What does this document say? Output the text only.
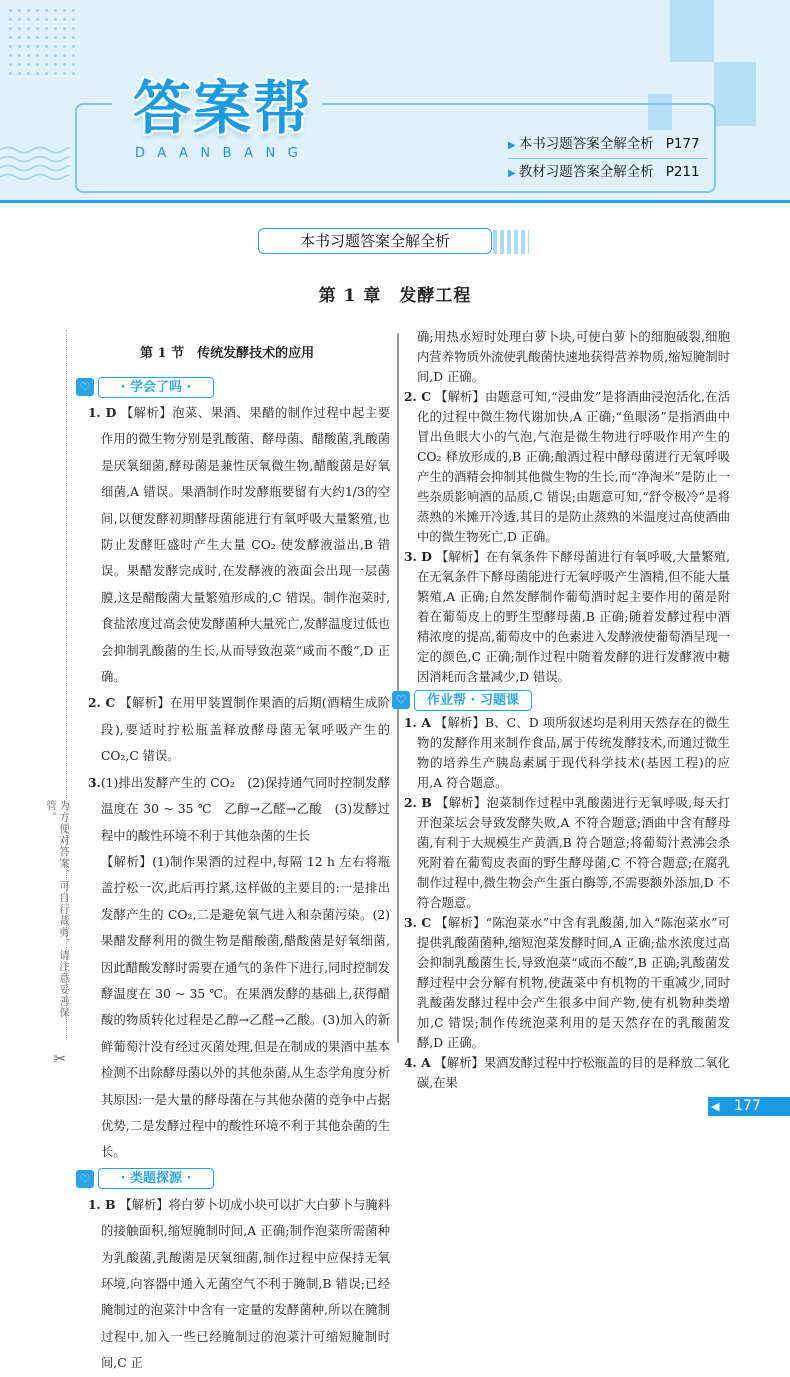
答案帮
DAANBANG
▶ 本书习题答案全解全析 P177
▶ 教材习题答案全解全析 P211
本书习题答案全解全析
第 1 章　发酵工程
第 1 节　传统发酵技术的应用
为方便对答案，可自行裁剪，请注意妥善保管。
✂
♡	· 学会了吗 ·

1. D 【解析】泡菜、果酒、果醋的制作过程中起主要作用的微生物分别是乳酸菌、酵母菌、醋酸菌,乳酸菌是厌氧细菌,酵母菌是兼性厌氧微生物,醋酸菌是好氧细菌,A 错误。果酒制作时发酵瓶要留有大约1/3的空间,以便发酵初期酵母菌能进行有氧呼吸大量繁殖,也防止发酵旺盛时产生大量 CO₂ 使发酵液溢出,B 错误。果醋发酵完成时,在发酵液的液面会出现一层菌膜,这是醋酸菌大量繁殖形成的,C 错误。制作泡菜时,食盐浓度过高会使发酵菌种大量死亡,发酵温度过低也会抑制乳酸菌的生长,从而导致泡菜“咸而不酸”,D 正确。

2. C 【解析】在用甲装置制作果酒的后期(酒精生成阶段),要适时拧松瓶盖释放酵母菌无氧呼吸产生的 CO₂,C 错误。

3.(1)排出发酵产生的 CO₂　(2)保持通气同时控制发酵温度在 30 ~ 35 ℃　乙醇→乙醛→乙酸　(3)发酵过程中的酸性环境不利于其他杂菌的生长

【解析】(1)制作果酒的过程中,每隔 12 h 左右将瓶盖拧松一次,此后再拧紧,这样做的主要目的:一是排出发酵产生的 CO₂,二是避免氧气进入和杂菌污染。(2)果醋发酵利用的微生物是醋酸菌,醋酸菌是好氧细菌,因此醋酸发酵时需要在通气的条件下进行,同时控制发酵温度在 30 ~ 35 ℃。在果酒发酵的基础上,获得醋酸的物质转化过程是乙醇→乙醛→乙酸。(3)加入的新鲜葡萄汁没有经过灭菌处理,但是在制成的果酒中基本检测不出除酵母菌以外的其他杂菌,从生态学角度分析其原因:一是大量的酵母菌在与其他杂菌的竞争中占据优势,二是发酵过程中的酸性环境不利于其他杂菌的生长。

♡	· 类题探源 ·

1. B 【解析】将白萝卜切成小块可以扩大白萝卜与腌料的接触面积,缩短腌制时间,A 正确;制作泡菜所需菌种为乳酸菌,乳酸菌是厌氧细菌,制作过程中应保持无氧环境,向容器中通入无菌空气不利于腌制,B 错误;已经腌制过的泡菜汁中含有一定量的发酵菌种,所以在腌制过程中,加入一些已经腌制过的泡菜汁可缩短腌制时间,C 正

确;用热水短时处理白萝卜块,可使白萝卜的细胞破裂,细胞内营养物质外流使乳酸菌快速地获得营养物质,缩短腌制时间,D 正确。

2. C 【解析】由题意可知,“浸曲发”是将酒曲浸泡活化,在活化的过程中微生物代谢加快,A 正确;“鱼眼汤”是指酒曲中冒出鱼眼大小的气泡,气泡是微生物进行呼吸作用产生的 CO₂ 释放形成的,B 正确;酿酒过程中酵母菌进行无氧呼吸产生的酒精会抑制其他微生物的生长,而“净淘米”是防止一些杂质影响酒的品质,C 错误;由题意可知,“舒令极冷”是将蒸熟的米摊开冷透,其目的是防止蒸熟的米温度过高使酒曲中的微生物死亡,D 正确。

3. D 【解析】在有氧条件下酵母菌进行有氧呼吸,大量繁殖,在无氧条件下酵母菌能进行无氧呼吸产生酒精,但不能大量繁殖,A 正确;自然发酵制作葡萄酒时起主要作用的菌是附着在葡萄皮上的野生型酵母菌,B 正确;随着发酵过程中酒精浓度的提高,葡萄皮中的色素进入发酵液使葡萄酒呈现一定的颜色,C 正确;制作过程中随着发酵的进行发酵液中糖因消耗而含量减少,D 错误。

♡	作业帮 · 习题课

1. A 【解析】B、C、D 项所叙述均是利用天然存在的微生物的发酵作用来制作食品,属于传统发酵技术,而通过微生物的培养生产胰岛素属于现代科学技术(基因工程)的应用,A 符合题意。

2. B 【解析】泡菜制作过程中乳酸菌进行无氧呼吸,每天打开泡菜坛会导致发酵失败,A 不符合题意;酒曲中含有酵母菌,有利于大规模生产黄酒,B 符合题意;将葡萄汁煮沸会杀死附着在葡萄皮表面的野生酵母菌,C 不符合题意;在腐乳制作过程中,微生物会产生蛋白酶等,不需要额外添加,D 不符合题意。

3. C 【解析】“陈泡菜水”中含有乳酸菌,加入“陈泡菜水”可提供乳酸菌菌种,缩短泡菜发酵时间,A 正确;盐水浓度过高会抑制乳酸菌生长,导致泡菜“咸而不酸”,B 正确;乳酸菌发酵过程中会分解有机物,使蔬菜中有机物的干重减少,同时乳酸菌发酵过程中会产生很多中间产物,使有机物种类增加,C 错误;制作传统泡菜利用的是天然存在的乳酸菌发酵,D 正确。

4. A 【解析】果酒发酵过程中拧松瓶盖的目的是释放二氧化碳,在果

177
◀
